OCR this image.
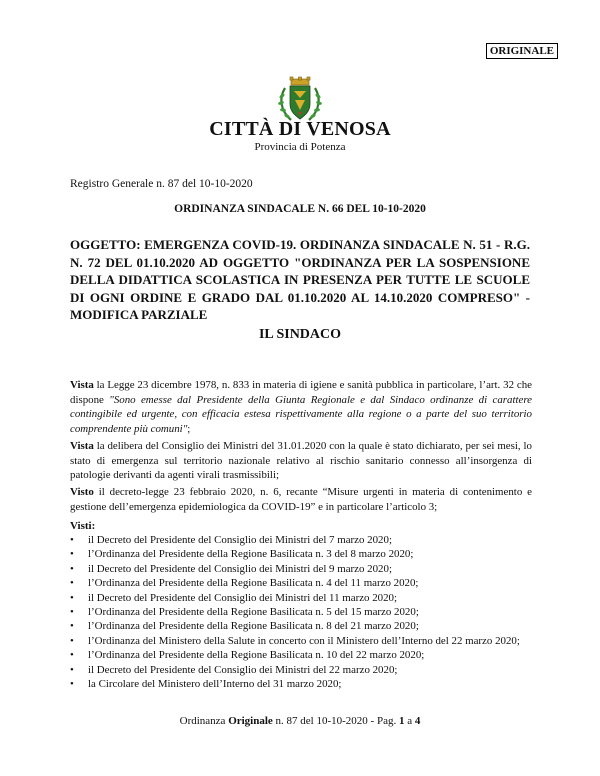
ORIGINALE
CITTÀ DI VENOSA
Provincia di Potenza
Registro Generale n. 87 del 10-10-2020
ORDINANZA SINDACALE N. 66 DEL 10-10-2020
OGGETTO: EMERGENZA COVID-19. ORDINANZA SINDACALE N. 51 - R.G. N. 72 DEL 01.10.2020 AD OGGETTO "ORDINANZA PER LA SOSPENSIONE DELLA DIDATTICA SCOLASTICA IN PRESENZA PER TUTTE LE SCUOLE DI OGNI ORDINE E GRADO DAL 01.10.2020 AL 14.10.2020 COMPRESO" - MODIFICA PARZIALE
IL SINDACO
Vista la Legge 23 dicembre 1978, n. 833 in materia di igiene e sanità pubblica in particolare, l’art. 32 che dispone "Sono emesse dal Presidente della Giunta Regionale e dal Sindaco ordinanze di carattere contingibile ed urgente, con efficacia estesa rispettivamente alla regione o a parte del suo territorio comprendente più comuni";
Vista la delibera del Consiglio dei Ministri del 31.01.2020 con la quale è stato dichiarato, per sei mesi, lo stato di emergenza sul territorio nazionale relativo al rischio sanitario connesso all’insorgenza di patologie derivanti da agenti virali trasmissibili;
Visto il decreto-legge 23 febbraio 2020, n. 6, recante “Misure urgenti in materia di contenimento e gestione dell’emergenza epidemiologica da COVID-19” e in particolare l’articolo 3;
Visti:
• il Decreto del Presidente del Consiglio dei Ministri del 7 marzo 2020;
• l’Ordinanza del Presidente della Regione Basilicata n. 3 del 8 marzo 2020;
• il Decreto del Presidente del Consiglio dei Ministri del 9 marzo 2020;
• l’Ordinanza del Presidente della Regione Basilicata n. 4 del 11 marzo 2020;
• il Decreto del Presidente del Consiglio dei Ministri del 11 marzo 2020;
• l’Ordinanza del Presidente della Regione Basilicata n. 5 del 15 marzo 2020;
• l’Ordinanza del Presidente della Regione Basilicata n. 8 del 21 marzo 2020;
• l’Ordinanza del Ministero della Salute in concerto con il Ministero dell’Interno del 22 marzo 2020;
• l’Ordinanza del Presidente della Regione Basilicata n. 10 del 22 marzo 2020;
• il Decreto del Presidente del Consiglio dei Ministri del 22 marzo 2020;
• la Circolare del Ministero dell’Interno del 31 marzo 2020;
Ordinanza Originale n. 87 del 10-10-2020 - Pag. 1 a 4
